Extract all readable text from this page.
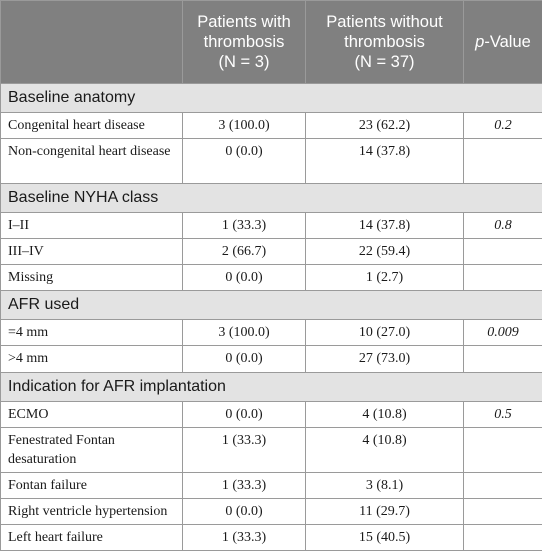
	Patients with
thrombosis
(N = 3)	Patients without
thrombosis
(N = 37)	p-Value
Baseline anatomy			
Congenital heart disease	3 (100.0)	23 (62.2)	0.2
Non-congenital heart disease	0 (0.0)	14 (37.8)	
Baseline NYHA class			
I–II	1 (33.3)	14 (37.8)	0.8
III–IV	2 (66.7)	22 (59.4)	
Missing	0 (0.0)	1 (2.7)	
AFR used			
=4 mm	3 (100.0)	10 (27.0)	0.009
>4 mm	0 (0.0)	27 (73.0)	
Indication for AFR implantation			
ECMO	0 (0.0)	4 (10.8)	0.5
Fenestrated Fontan desaturation	1 (33.3)	4 (10.8)	
Fontan failure	1 (33.3)	3 (8.1)	
Right ventricle hypertension	0 (0.0)	11 (29.7)	
Left heart failure	1 (33.3)	15 (40.5)	
